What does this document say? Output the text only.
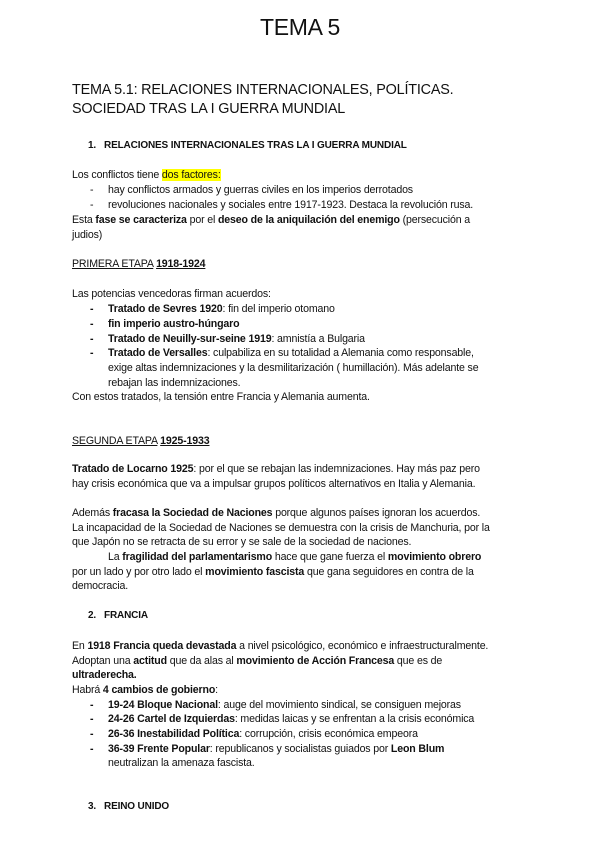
TEMA 5
TEMA 5.1: RELACIONES INTERNACIONALES, POLÍTICAS.
SOCIEDAD TRAS LA I GUERRA MUNDIAL
1. RELACIONES INTERNACIONALES TRAS LA I GUERRA MUNDIAL
Los conflictos tiene dos factores:
- hay conflictos armados y guerras civiles en los imperios derrotados
- revoluciones nacionales y sociales entre 1917-1923. Destaca la revolución rusa.
Esta fase se caracteriza por el deseo de la aniquilación del enemigo (persecución a
judios)
PRIMERA ETAPA 1918-1924
Las potencias vencedoras firman acuerdos:
- Tratado de Sevres 1920: fin del imperio otomano
- fin imperio austro-húngaro
- Tratado de Neuilly-sur-seine 1919: amnistía a Bulgaria
- Tratado de Versalles: culpabiliza en su totalidad a Alemania como responsable,
exige altas indemnizaciones y la desmilitarización ( humillación). Más adelante se
rebajan las indemnizaciones.
Con estos tratados, la tensión entre Francia y Alemania aumenta.
SEGUNDA ETAPA 1925-1933
Tratado de Locarno 1925: por el que se rebajan las indemnizaciones. Hay más paz pero
hay crisis económica que va a impulsar grupos políticos alternativos en Italia y Alemania.
Además fracasa la Sociedad de Naciones porque algunos países ignoran los acuerdos.
La incapacidad de la Sociedad de Naciones se demuestra con la crisis de Manchuria, por la
que Japón no se retracta de su error y se sale de la sociedad de naciones.
La fragilidad del parlamentarismo hace que gane fuerza el movimiento obrero
por un lado y por otro lado el movimiento fascista que gana seguidores en contra de la
democracia.
2. FRANCIA
En 1918 Francia queda devastada a nivel psicológico, económico e infraestructuralmente.
Adoptan una actitud que da alas al movimiento de Acción Francesa que es de
ultraderecha.
Habrá 4 cambios de gobierno:
- 19-24 Bloque Nacional: auge del movimiento sindical, se consiguen mejoras
- 24-26 Cartel de Izquierdas: medidas laicas y se enfrentan a la crisis económica
- 26-36 Inestabilidad Política: corrupción, crisis económica empeora
- 36-39 Frente Popular: republicanos y socialistas guiados por Leon Blum
neutralizan la amenaza fascista.
3. REINO UNIDO
